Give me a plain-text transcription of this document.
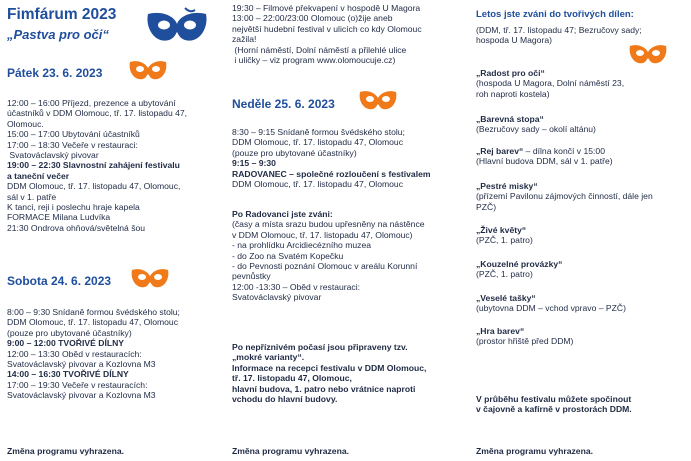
Fimfárum 2023
„Pastva pro oči“
Pátek 23. 6. 2023

12:00 – 16:00 Příjezd, prezence a ubytování

účastníků v DDM Olomouc, tř. 17. listopadu 47,

Olomouc.

15:00 – 17:00 Ubytování účastníků

17:00 – 18:30 Večeře v restauraci:

Svatováclavský pivovar

19:00 – 22:30 Slavnostní zahájení festivalu

a taneční večer

DDM Olomouc, tř. 17. listopadu 47, Olomouc,

sál v 1. patře

K tanci, reji i poslechu hraje kapela

FORMACE Milana Ludvíka

21:30 Ondrova ohňová/světelná šou

Sobota 24. 6. 2023

8:00 – 9:30 Snídaně formou švédského stolu;

DDM Olomouc, tř. 17. listopadu 47, Olomouc

(pouze pro ubytované účastníky)

9:00 – 12:00 TVOŘIVÉ DÍLNY

12:00 – 13:30 Oběd v restauracích:

Svatováclavský pivovar a Kozlovna M3

14:00 – 16:30 TVOŘIVÉ DÍLNY

17:00 – 19:30 Večeře v restauracích:

Svatováclavský pivovar a Kozlovna M3

Změna programu vyhrazena.

19:30 – Filmové překvapení v hospodě U Magora

13:00 – 22:00/23:00 Olomouc (o)žije aneb

největší hudební festival v ulicích co kdy Olomouc

zažila!

(Horní náměstí, Dolní náměstí a přilehlé ulice

i uličky – viz program www.olomoucuje.cz)

Neděle 25. 6. 2023

8:30 – 9:15 Snídaně formou švédského stolu;

DDM Olomouc, tř. 17. listopadu 47, Olomouc

(pouze pro ubytované účastníky)

9:15 – 9:30

RADOVANEC – společné rozloučení s festivalem

DDM Olomouc, tř. 17. listopadu 47, Olomouc

Po Radovanci jste zváni:

(časy a místa srazu budou upřesněny na nástěnce

v DDM Olomouc, tř. 17. listopadu 47, Olomouc)

- na prohlídku Arcidiecézního muzea

- do Zoo na Svatém Kopečku

- do Pevnosti poznání Olomouc v areálu Korunní

pevnůstky

12:00 -13:30 – Oběd v restauraci:

Svatováclavský pivovar

Po nepříznivém počasí jsou připraveny tzv.

„mokré varianty“.

Informace na recepci festivalu v DDM Olomouc,

tř. 17. listopadu 47, Olomouc,

hlavní budova, 1. patro nebo vrátnice naproti

vchodu do hlavní budovy.

Změna programu vyhrazena.
Letos jste zváni do tvořivých dílen:

(DDM, tř. 17. listopadu 47; Bezručovy sady;

hospoda U Magora)

„Radost pro oči“

(hospoda U Magora, Dolní náměstí 23,

roh naproti kostela)

„Barevná stopa“

(Bezručovy sady – okolí altánu)

„Rej barev“ – dílna končí v 15:00

(Hlavní budova DDM, sál v 1. patře)

„Pestré misky“

(přízemí Pavilonu zájmových činností, dále jen

PZČ)

„Živé květy“

(PZČ, 1. patro)

„Kouzelné provázky“

(PZČ, 1. patro)

„Veselé tašky“

(ubytovna DDM – vchod vpravo – PZČ)

„Hra barev“

(prostor hřiště před DDM)

V průběhu festivalu můžete spočinout

v čajovně a kafírně v prostorách DDM.

Změna programu vyhrazena.
